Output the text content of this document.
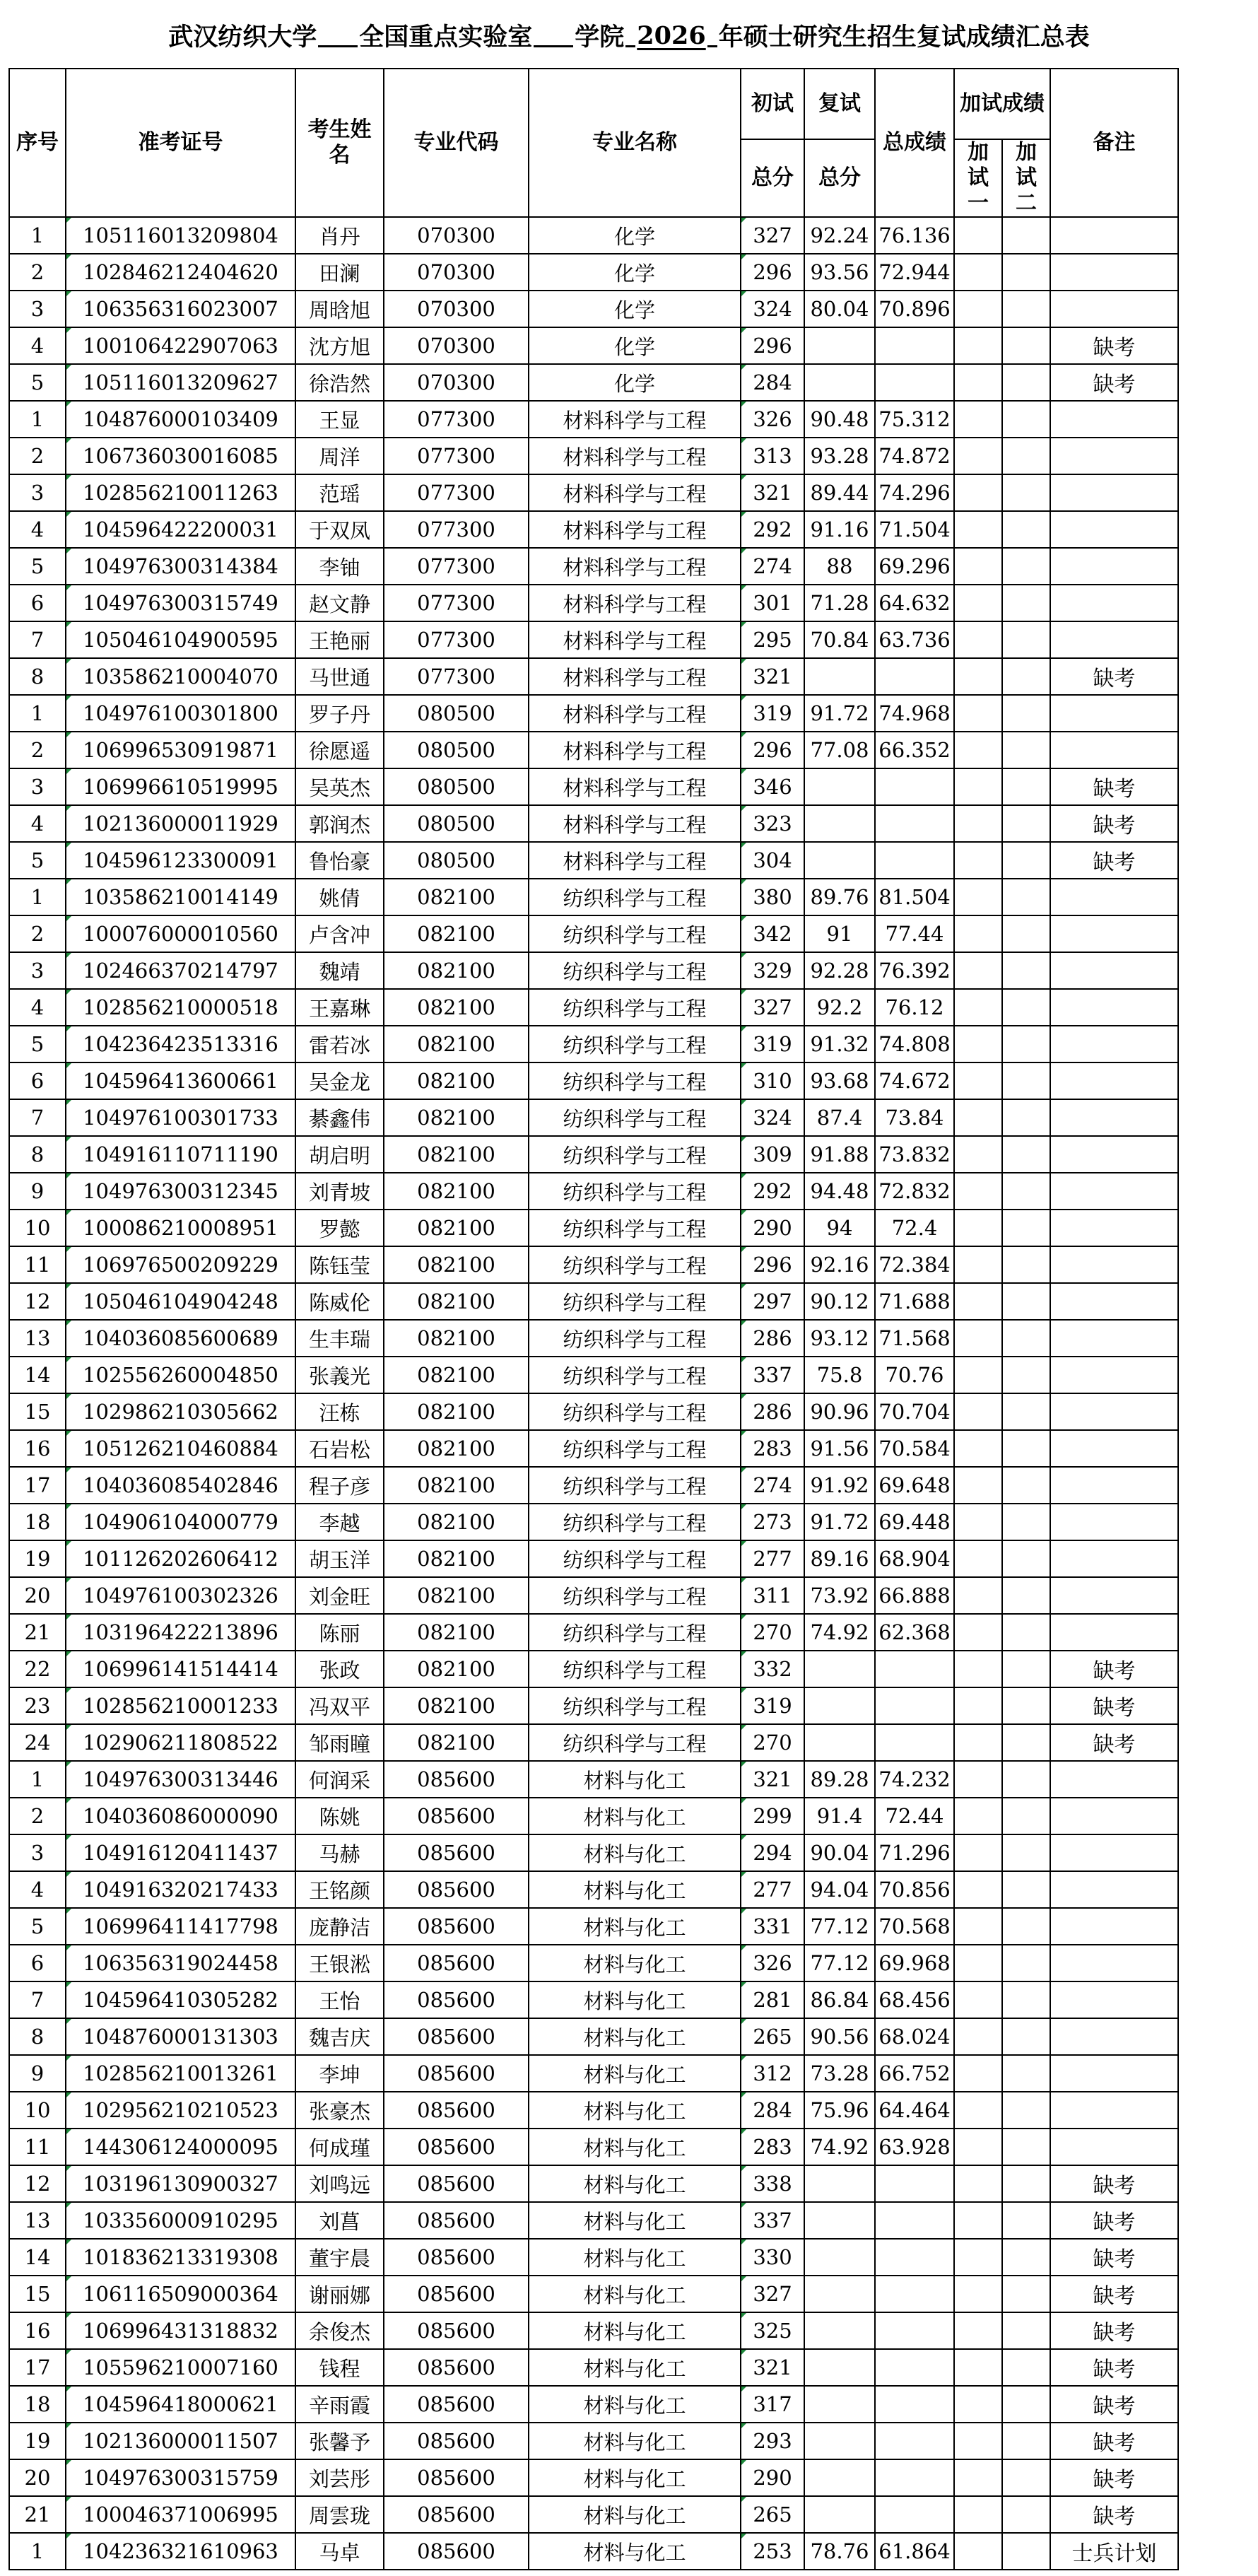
武汉纺织大学 全国重点实验室 学院 2026 年硕士研究生招生复试成绩汇总表
序号	准考证号	考生姓名	专业代码	专业名称	初试	复试	总成绩	加试成绩		备注
					总分	总分		加试一	加试二	
1	105116013209804	肖丹	070300	化学	327	92.24	76.136			
2	102846212404620	田澜	070300	化学	296	93.56	72.944			
3	106356316023007	周晗旭	070300	化学	324	80.04	70.896			
4	100106422907063	沈方旭	070300	化学	296					缺考
5	105116013209627	徐浩然	070300	化学	284					缺考
1	104876000103409	王显	077300	材料科学与工程	326	90.48	75.312			
2	106736030016085	周洋	077300	材料科学与工程	313	93.28	74.872			
3	102856210011263	范瑶	077300	材料科学与工程	321	89.44	74.296			
4	104596422200031	于双凤	077300	材料科学与工程	292	91.16	71.504			
5	104976300314384	李铀	077300	材料科学与工程	274	88	69.296			
6	104976300315749	赵文静	077300	材料科学与工程	301	71.28	64.632			
7	105046104900595	王艳丽	077300	材料科学与工程	295	70.84	63.736			
8	103586210004070	马世通	077300	材料科学与工程	321					缺考
1	104976100301800	罗子丹	080500	材料科学与工程	319	91.72	74.968			
2	106996530919871	徐愿遥	080500	材料科学与工程	296	77.08	66.352			
3	106996610519995	吴英杰	080500	材料科学与工程	346					缺考
4	102136000011929	郭润杰	080500	材料科学与工程	323					缺考
5	104596123300091	鲁怡豪	080500	材料科学与工程	304					缺考
1	103586210014149	姚倩	082100	纺织科学与工程	380	89.76	81.504			
2	100076000010560	卢含冲	082100	纺织科学与工程	342	91	77.44			
3	102466370214797	魏靖	082100	纺织科学与工程	329	92.28	76.392			
4	102856210000518	王嘉琳	082100	纺织科学与工程	327	92.2	76.12			
5	104236423513316	雷若冰	082100	纺织科学与工程	319	91.32	74.808			
6	104596413600661	吴金龙	082100	纺织科学与工程	310	93.68	74.672			
7	104976100301733	綦鑫伟	082100	纺织科学与工程	324	87.4	73.84			
8	104916110711190	胡启明	082100	纺织科学与工程	309	91.88	73.832			
9	104976300312345	刘青坡	082100	纺织科学与工程	292	94.48	72.832			
10	100086210008951	罗懿	082100	纺织科学与工程	290	94	72.4			
11	106976500209229	陈钰莹	082100	纺织科学与工程	296	92.16	72.384			
12	105046104904248	陈威伦	082100	纺织科学与工程	297	90.12	71.688			
13	104036085600689	生丰瑞	082100	纺织科学与工程	286	93.12	71.568			
14	102556260004850	张義光	082100	纺织科学与工程	337	75.8	70.76			
15	102986210305662	汪栋	082100	纺织科学与工程	286	90.96	70.704			
16	105126210460884	石岩松	082100	纺织科学与工程	283	91.56	70.584			
17	104036085402846	程子彦	082100	纺织科学与工程	274	91.92	69.648			
18	104906104000779	李越	082100	纺织科学与工程	273	91.72	69.448			
19	101126202606412	胡玉洋	082100	纺织科学与工程	277	89.16	68.904			
20	104976100302326	刘金旺	082100	纺织科学与工程	311	73.92	66.888			
21	103196422213896	陈丽	082100	纺织科学与工程	270	74.92	62.368			
22	106996141514414	张政	082100	纺织科学与工程	332					缺考
23	102856210001233	冯双平	082100	纺织科学与工程	319					缺考
24	102906211808522	邹雨瞳	082100	纺织科学与工程	270					缺考
1	104976300313446	何润采	085600	材料与化工	321	89.28	74.232			
2	104036086000090	陈姚	085600	材料与化工	299	91.4	72.44			
3	104916120411437	马赫	085600	材料与化工	294	90.04	71.296			
4	104916320217433	王铭颜	085600	材料与化工	277	94.04	70.856			
5	106996411417798	庞静洁	085600	材料与化工	331	77.12	70.568			
6	106356319024458	王银淞	085600	材料与化工	326	77.12	69.968			
7	104596410305282	王怡	085600	材料与化工	281	86.84	68.456			
8	104876000131303	魏吉庆	085600	材料与化工	265	90.56	68.024			
9	102856210013261	李坤	085600	材料与化工	312	73.28	66.752			
10	102956210210523	张豪杰	085600	材料与化工	284	75.96	64.464			
11	144306124000095	何成瑾	085600	材料与化工	283	74.92	63.928			
12	103196130900327	刘鸣远	085600	材料与化工	338					缺考
13	103356000910295	刘菖	085600	材料与化工	337					缺考
14	101836213319308	董宇晨	085600	材料与化工	330					缺考
15	106116509000364	谢丽娜	085600	材料与化工	327					缺考
16	106996431318832	余俊杰	085600	材料与化工	325					缺考
17	105596210007160	钱程	085600	材料与化工	321					缺考
18	104596418000621	辛雨霞	085600	材料与化工	317					缺考
19	102136000011507	张馨予	085600	材料与化工	293					缺考
20	104976300315759	刘芸彤	085600	材料与化工	290					缺考
21	100046371006995	周雲珑	085600	材料与化工	265					缺考
1	104236321610963	马卓	085600	材料与化工	253	78.76	61.864			士兵计划
